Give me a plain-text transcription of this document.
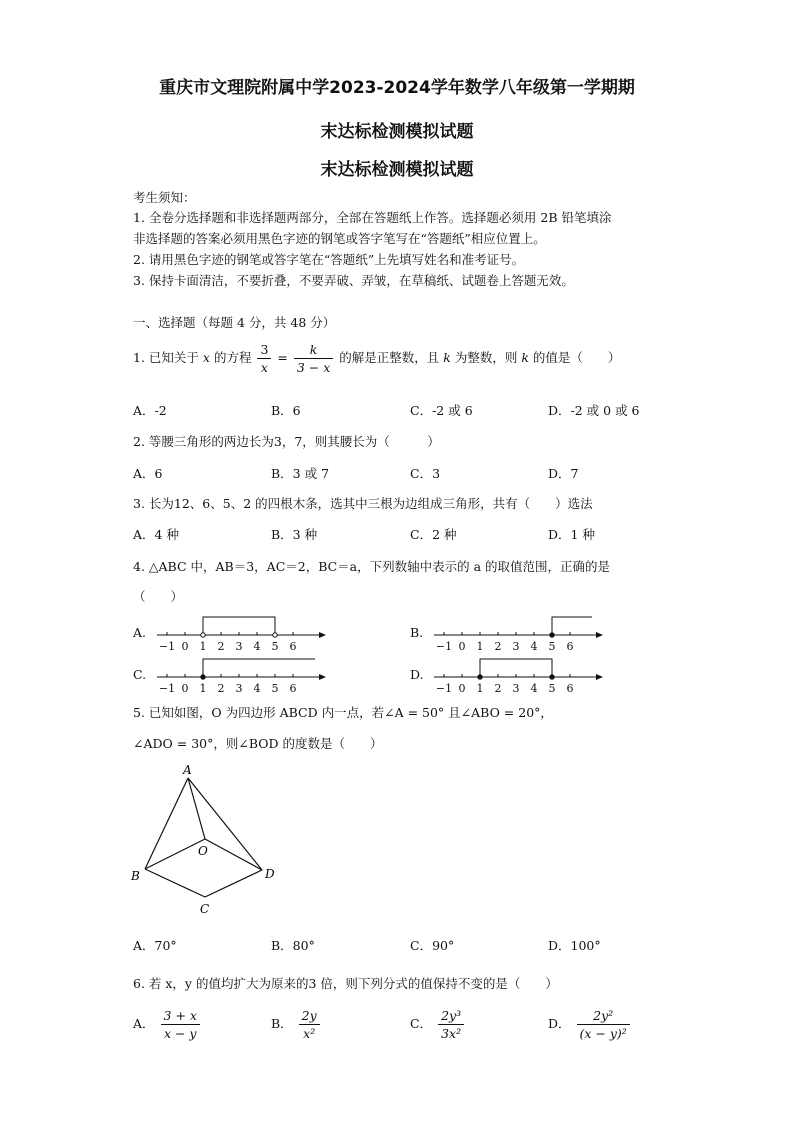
重庆市文理院附属中学2023-2024学年数学八年级第一学期期
末达标检测模拟试题
末达标检测模拟试题
考生须知：
1. 全卷分选择题和非选择题两部分，全部在答题纸上作答。选择题必须用 2B 铅笔填涂
非选择题的答案必须用黑色字迹的钢笔或答字笔写在“答题纸”相应位置上。
2. 请用黑色字迹的钢笔或答字笔在“答题纸”上先填写姓名和准考证号。
3. 保持卡面清洁，不要折叠，不要弄破、弄皱，在草稿纸、试题卷上答题无效。
一、选择题（每题 4 分，共 48 分）
1. 已知关于 x 的方程 $\frac{3}{x} = \frac{k}{3 - x}$ 的解是正整数，且 k 为整数，则 k 的值是（　　）
A．-2	B．6	C．-2 或 6	D．-2 或 0 或 6
2. 等腰三角形的两边长为3，7，则其腰长为（　　　）
A．6	B．3 或 7	C．3	D．7
3. 长为12、6、5、2 的四根木条，选其中三根为边组成三角形，共有（　　）选法
A．4 种	B．3 种	C．2 种	D．1 种
4. △ABC 中，AB＝3，AC＝2，BC＝a，下列数轴中表示的 a 的取值范围，正确的是
（　　）
A.	B.
C.	D.
−1 0 1 2 3 4 5 6	−1 0 1 2 3 4 5 6
−1 0 1 2 3 4 5 6	−1 0 1 2 3 4 5 6
5. 已知如图，O 为四边形 ABCD 内一点，若∠A = 50° 且∠ABO = 20°，
∠ADO = 30°，则∠BOD 的度数是（　　）
A
B
C
D
O
A．70°	B．80°	C．90°	D．100°
6. 若 x，y 的值均扩大为原来的3 倍，则下列分式的值保持不变的是（　　）
A． $\frac{3 + x}{x - y}$	B． $\frac{2y}{\text{x²}}$	C． $\frac{\text{2y³}}{\text{3x²}}$	D． $\frac{\text{2y²}}{\text{(x − y)²}}$
